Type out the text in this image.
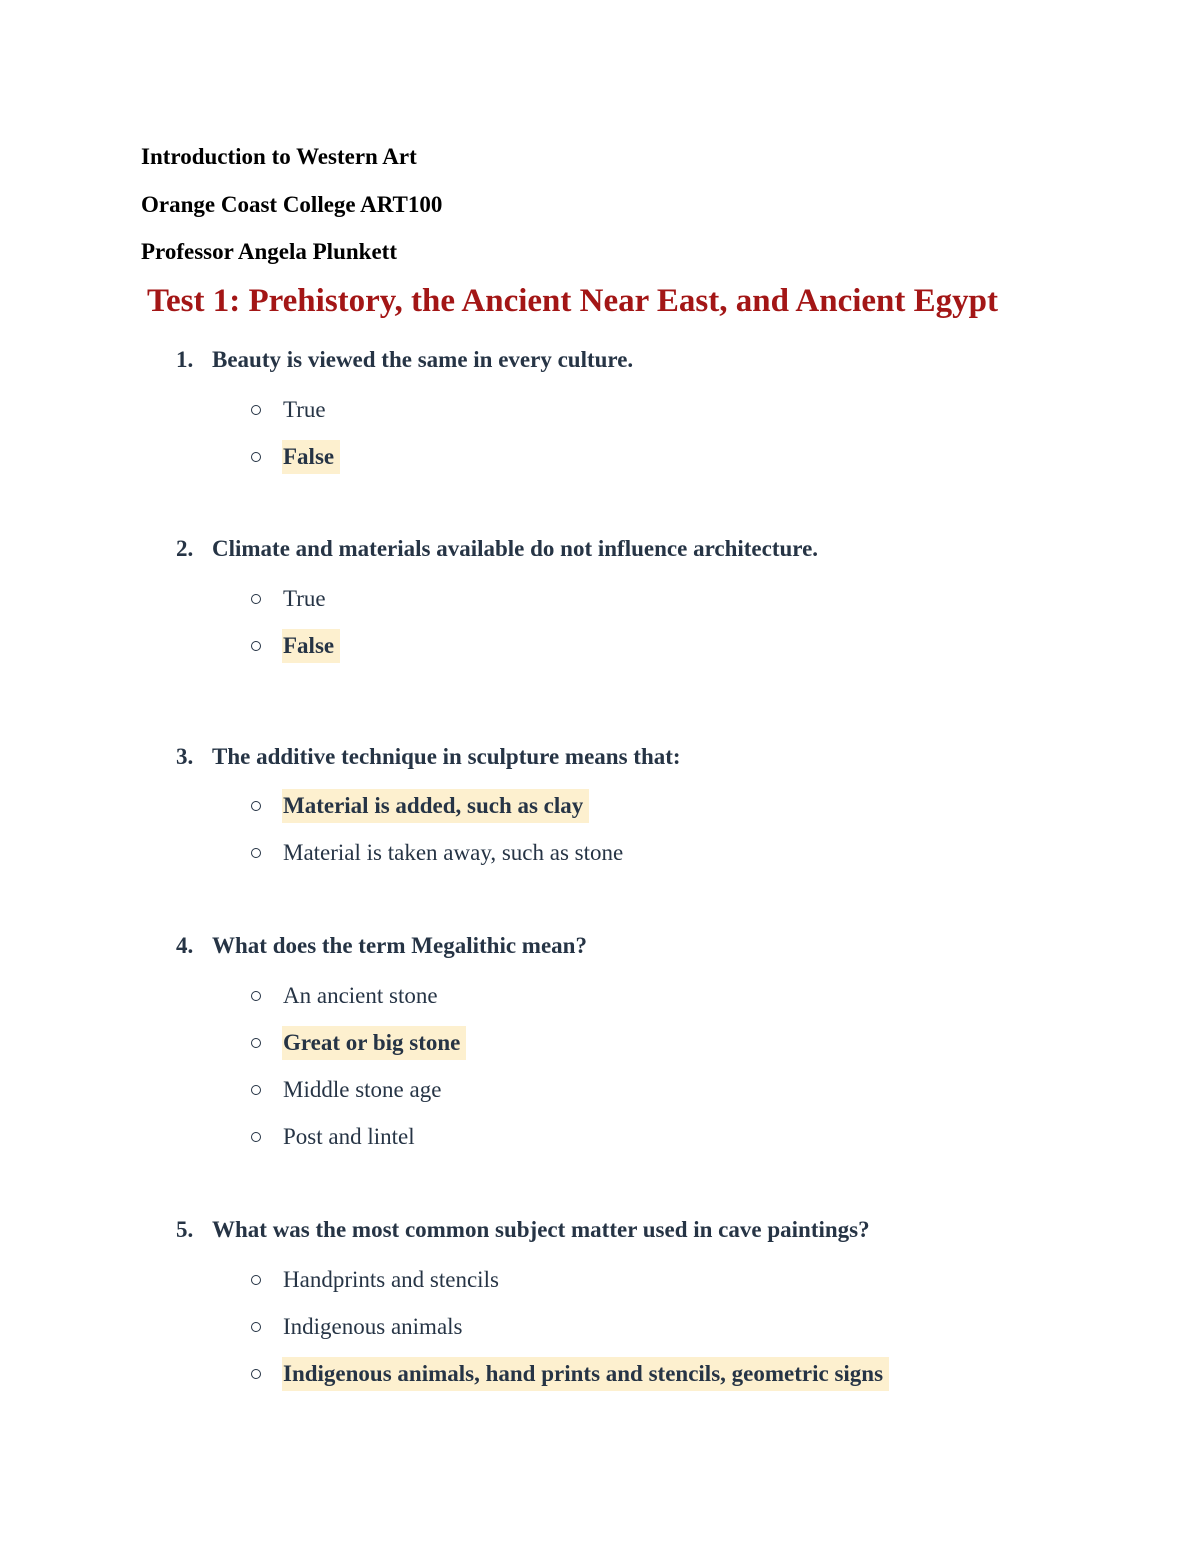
Introduction to Western Art
Orange Coast College ART100
Professor Angela Plunkett
Test 1: Prehistory, the Ancient Near East, and Ancient Egypt
1. Beauty is viewed the same in every culture.
True
False
2. Climate and materials available do not influence architecture.
True
False
3. The additive technique in sculpture means that:
Material is added, such as clay
Material is taken away, such as stone
4. What does the term Megalithic mean?
An ancient stone
Great or big stone
Middle stone age
Post and lintel
5. What was the most common subject matter used in cave paintings?
Handprints and stencils
Indigenous animals
Indigenous animals, hand prints and stencils, geometric signs
